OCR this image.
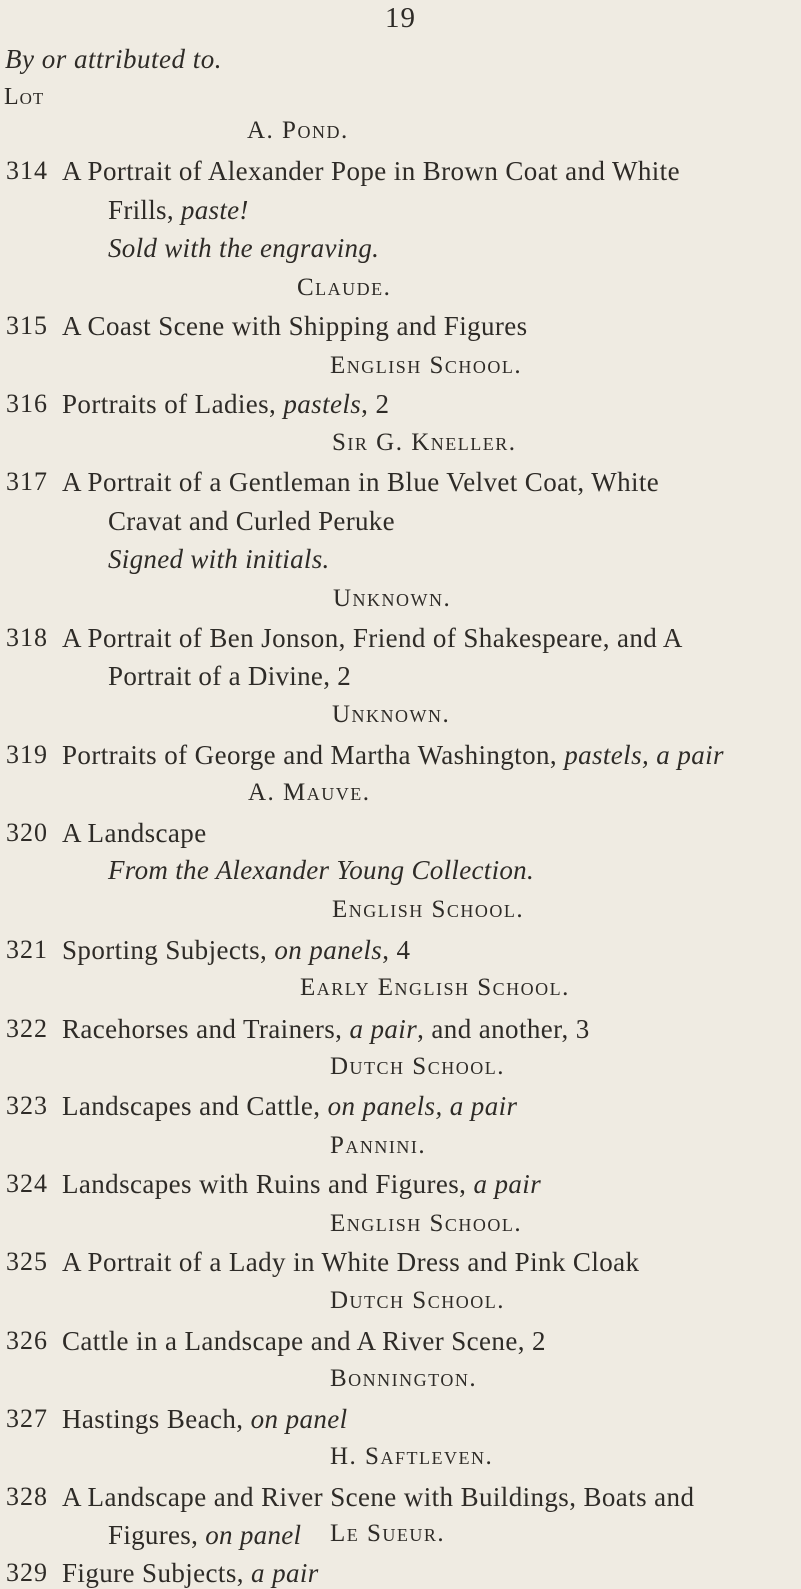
19
By or attributed to.
Lot
A. Pond.
314 A Portrait of Alexander Pope in Brown Coat and White
Frills, paste!
Sold with the engraving.
Claude.
315 A Coast Scene with Shipping and Figures
English School.
316 Portraits of Ladies, pastels, 2
Sir G. Kneller.
317 A Portrait of a Gentleman in Blue Velvet Coat, White
Cravat and Curled Peruke
Signed with initials.
Unknown.
318 A Portrait of Ben Jonson, Friend of Shakespeare, and A
Portrait of a Divine, 2
Unknown.
319 Portraits of George and Martha Washington, pastels, a pair
A. Mauve.
320 A Landscape
From the Alexander Young Collection.
English School.
321 Sporting Subjects, on panels, 4
Early English School.
322 Racehorses and Trainers, a pair, and another, 3
Dutch School.
323 Landscapes and Cattle, on panels, a pair
Pannini.
324 Landscapes with Ruins and Figures, a pair
English School.
325 A Portrait of a Lady in White Dress and Pink Cloak
Dutch School.
326 Cattle in a Landscape and A River Scene, 2
Bonnington.
327 Hastings Beach, on panel
H. Saftleven.
328 A Landscape and River Scene with Buildings, Boats and
Figures, on panel Le Sueur.
329 Figure Subjects, a pair
